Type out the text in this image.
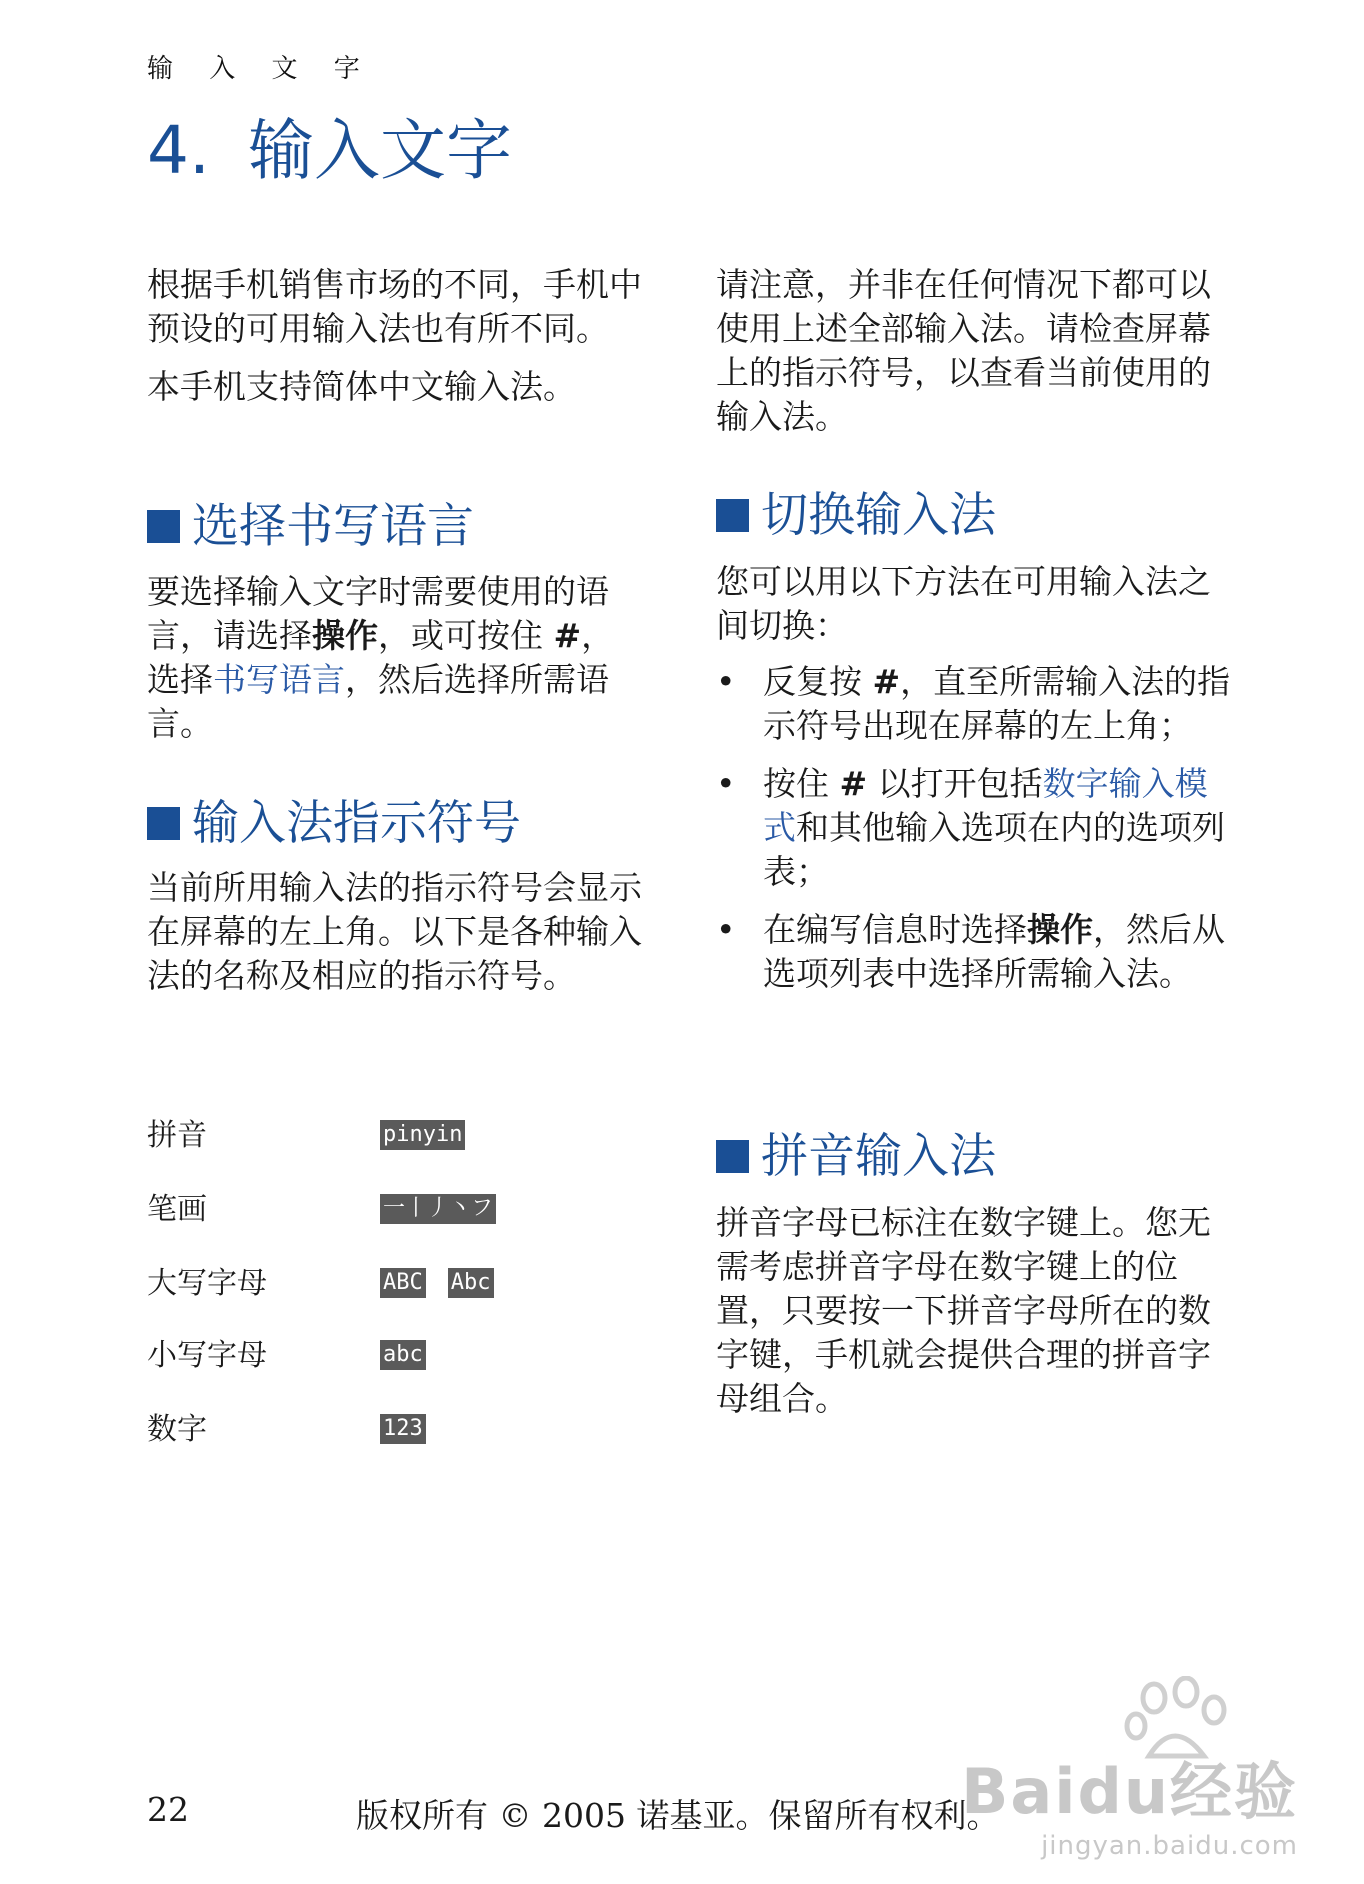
输 入 文 字
4. 输入文字

根据手机销售市场的不同，手机中预设的可用输入法也有所不同。

本手机支持简体中文输入法。

选择书写语言

要选择输入文字时需要使用的语言，请选择操作，或可按住 #，选择书写语言，然后选择所需语言。

输入法指示符号

当前所用输入法的指示符号会显示在屏幕的左上角。以下是各种输入法的名称及相应的指示符号。

拼音	pinyin
笔画	一丨丿丶フ
大写字母	ABC Abc
小写字母	abc
数字	123

请注意，并非在任何情况下都可以使用上述全部输入法。请检查屏幕上的指示符号，以查看当前使用的输入法。

切换输入法

您可以用以下方法在可用输入法之间切换：

• 反复按 #，直至所需输入法的指示符号出现在屏幕的左上角；
• 按住 # 以打开包括数字输入模式和其他输入选项在内的选项列表；
• 在编写信息时选择操作，然后从选项列表中选择所需输入法。
拼音输入法

拼音字母已标注在数字键上。您无需考虑拼音字母在数字键上的位置，只要按一下拼音字母所在的数字键，手机就会提供合理的拼音字母组合。

Baidu经验
jingyan.baidu.com
22	版权所有 © 2005 诺基亚。保留所有权利。
